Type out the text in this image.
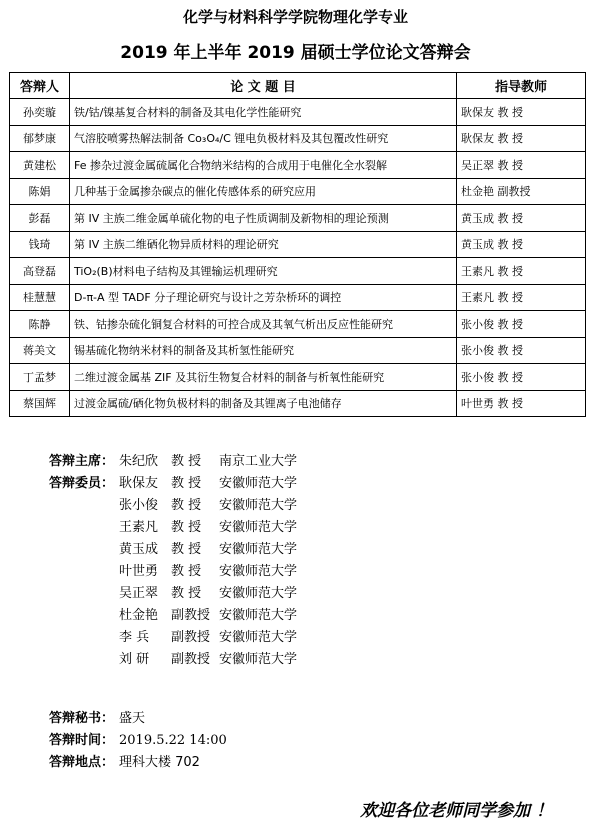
化学与材料科学学院物理化学专业
2019 年上半年 2019 届硕士学位论文答辩会
答辩人	论 文 题 目	指导教师
孙奕璇	铁/钴/镍基复合材料的制备及其电化学性能研究	耿保友 教 授
郁梦康	气溶胶喷雾热解法制备 Co₃O₄/C 锂电负极材料及其包覆改性研究	耿保友 教 授
黄建松	Fe 掺杂过渡金属硫属化合物纳米结构的合成用于电催化全水裂解	吴正翠 教 授
陈娟	几种基于金属掺杂碳点的催化传感体系的研究应用	杜金艳 副教授
彭磊	第 IV 主族二维金属单硫化物的电子性质调制及新物相的理论预测	黄玉成 教 授
钱琦	第 IV 主族二维硒化物异质材料的理论研究	黄玉成 教 授
高登磊	TiO₂(B)材料电子结构及其锂输运机理研究	王素凡 教 授
桂慧慧	D-π-A 型 TADF 分子理论研究与设计之芳杂桥环的调控	王素凡 教 授
陈静	铁、钴掺杂硫化铜复合材料的可控合成及其氧气析出反应性能研究	张小俊 教 授
蒋美文	锡基硫化物纳米材料的制备及其析氢性能研究	张小俊 教 授
丁孟梦	二维过渡金属基 ZIF 及其衍生物复合材料的制备与析氧性能研究	张小俊 教 授
蔡国辉	过渡金属硫/硒化物负极材料的制备及其锂离子电池储存	叶世勇 教 授
答辩主席： 朱纪欣 教 授	南京工业大学
答辩委员： 耿保友 教 授	安徽师范大学
张小俊 教 授	安徽师范大学
王素凡 教 授	安徽师范大学
黄玉成 教 授	安徽师范大学
叶世勇 教 授	安徽师范大学
吴正翠 教 授	安徽师范大学
杜金艳 副教授 安徽师范大学
李 兵	副教授 安徽师范大学
刘 研	副教授 安徽师范大学
答辩秘书： 盛天
答辩时间： 2019.5.22 14:00
答辩地点： 理科大楼 702
欢迎各位老师同学参加 ！
